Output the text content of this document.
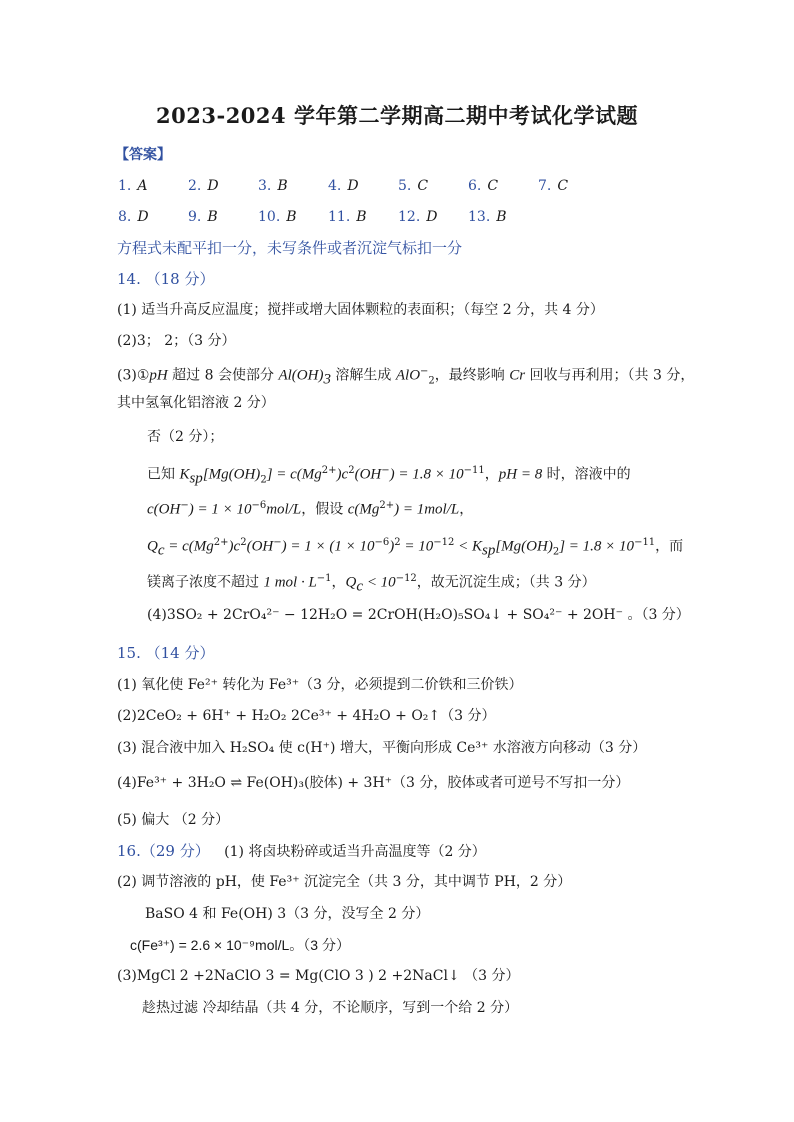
2023-2024 学年第二学期高二期中考试化学试题
【答案】
1. A	2. D	3. B	4. D	5. C	6. C	7. C
8. D	9. B	10. B 11. B 12. D 13. B
方程式未配平扣一分，未写条件或者沉淀气标扣一分
14. （18 分）
(1) 适当升高反应温度；搅拌或增大固体颗粒的表面积；（每空 2 分，共 4 分）
(2)3； 2；（3 分）
(3)①pH 超过 8 会使部分 $Al(OH)_3$ 溶解生成 AlO−$_2$，最终影响 Cr 回收与再利用；（共 3 分，
其中氢氧化铝溶液 2 分）
否（2 分）；
已知 $K_{sp}[Mg(OH)_2] = c(Mg^{2+})c^2(OH^-) = 1.8 \times 10^{-11}$，pH = 8 时，溶液中的
$c(OH^-) = 1 \times 10^{-6}mol/L$，假设 $c(Mg^{2+}) = 1mol/L$，
$Q_c = c(Mg^{2+})c^2(OH^-) = 1 \times (1 \times 10^{-6})^2 = 10^{-12} < K_{sp}[Mg(OH)_2] = 1.8 \times 10^{-11}$，而
镁离子浓度不超过 1 mol · $L^{-1}$，$Q_c < 10^{-12}$，故无沉淀生成；（共 3 分）
(4)3SO₂ + 2CrO₄²⁻ − 12H₂O = 2CrOH(H₂O)₅SO₄↓ + SO₄²⁻ + 2OH⁻ 。（3 分）
15. （14 分）
(1) 氧化使 Fe²⁺ 转化为 Fe³⁺（3 分，必须提到二价铁和三价铁）
(2)2CeO₂ + 6H⁺ + H₂O₂ 2Ce³⁺ + 4H₂O + O₂↑（3 分）
(3) 混合液中加入 H₂SO₄ 使 c(H⁺) 增大，平衡向形成 Ce³⁺ 水溶液方向移动（3 分）
(4)Fe³⁺ + 3H₂O ⇌ Fe(OH)₃(胶体) + 3H⁺（3 分，胶体或者可逆号不写扣一分）
(5) 偏大 （2 分）
16.（29 分） (1) 将卤块粉碎或适当升高温度等（2 分）
(2) 调节溶液的 pH，使 Fe³⁺ 沉淀完全（共 3 分，其中调节 PH，2 分）
BaSO 4 和 Fe(OH) 3（3 分，没写全 2 分）
c(Fe³⁺) = 2.6 × 10⁻⁹mol/L。（3 分）
(3)MgCl 2 +2NaClO 3 = Mg(ClO 3 ) 2 +2NaCl↓ （3 分）
趁热过滤 冷却结晶（共 4 分，不论顺序，写到一个给 2 分）
